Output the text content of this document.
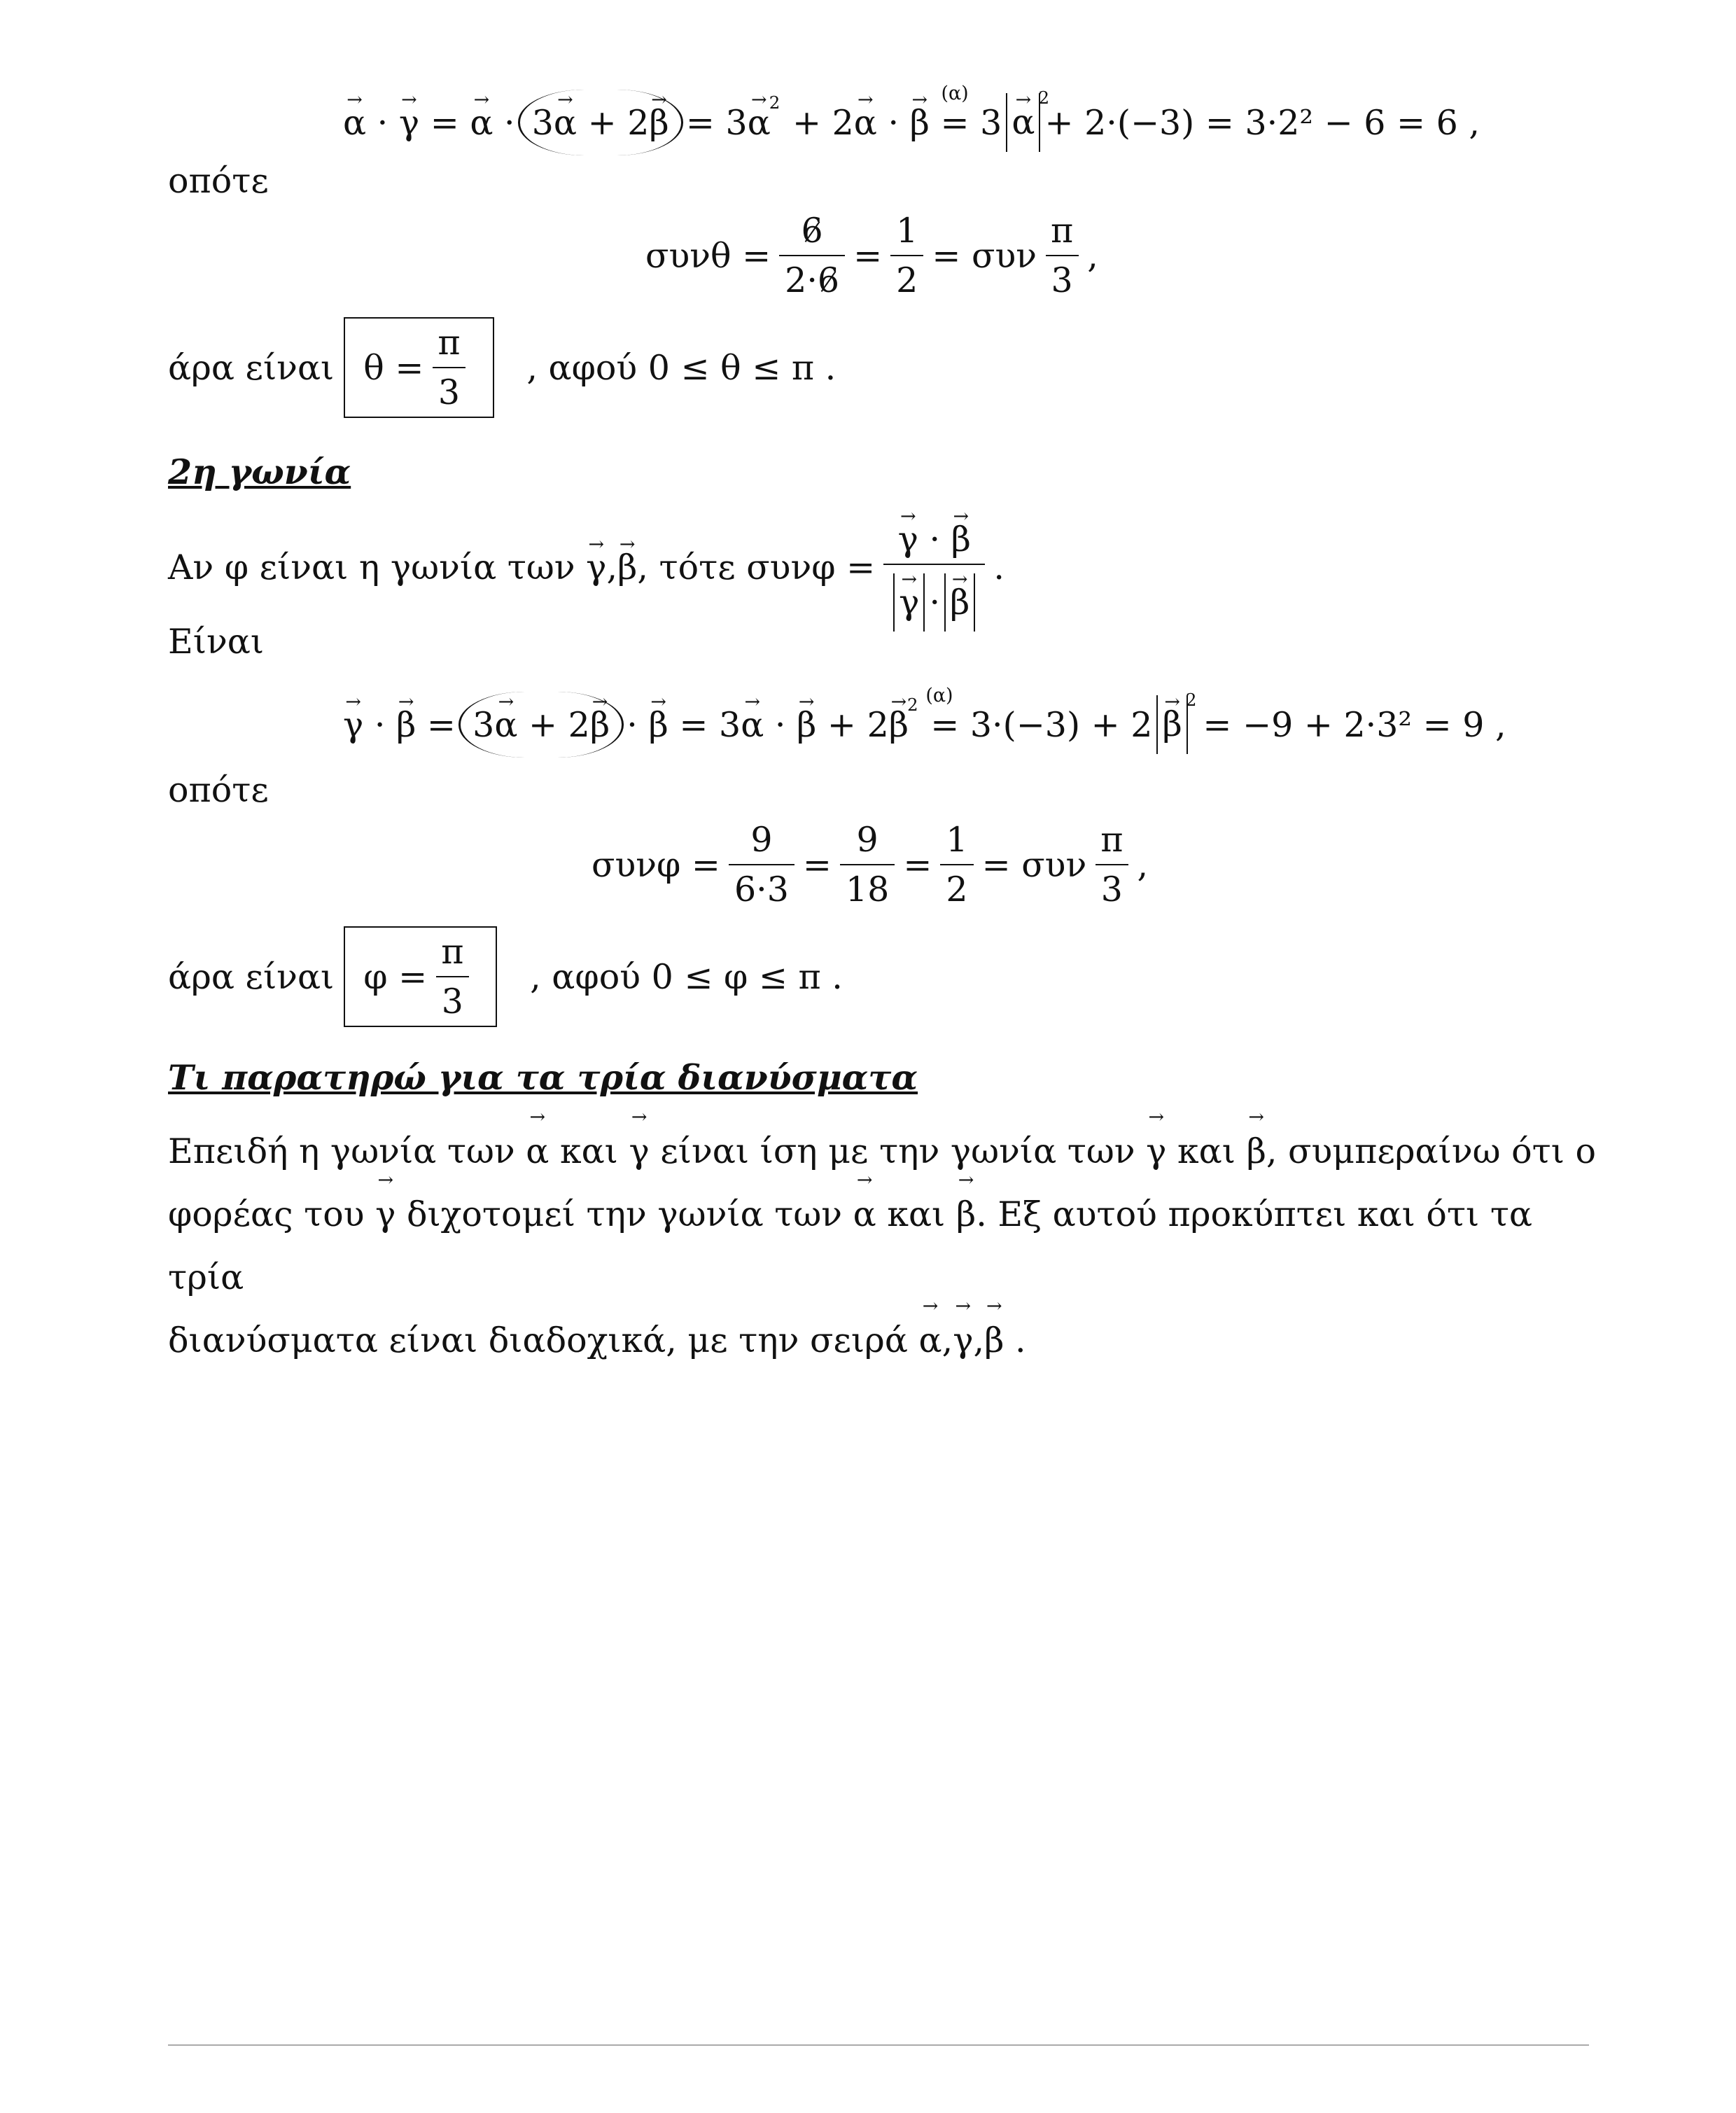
→ α · → γ = → α · 3 → α + 2 → β = 3 → α 2 + 2 → α · → β =
(α)
3 → α
2 + 2·(−3) = 3·2² − 6 = 6 ,
οπότε
$\sigma\upsilon\nu\theta = \frac{6}{2\cdot 6} = \frac{1}{2} = \sigma\upsilon\nu \frac{\pi}{3}$ ,
άρα είναι $\theta = \frac{\pi}{3}$
, αφού
0 ≤ θ ≤ π .
2η γωνία
Αν φ είναι η γωνία των
→ γ , → β , τότε συνφ = → γ · → β
→ γ · → β .
Είναι
→ γ · → β = 3 → α + 2 → β · → β = 3 → α · → β + 2 → β 2 =
(α)
3·(−3) + 2 → β
2
= −9 + 2·3² = 9 ,
οπότε
$\sigma\upsilon\nu\varphi = \frac{9}{6\cdot 3} = \frac{9}{18} = \frac{1}{2} = \sigma\upsilon\nu \frac{\pi}{3}$ ,
άρα είναι $\varphi = \frac{\pi}{3}$
, αφού
0 ≤ φ ≤ π .
Τι παρατηρώ για τα τρία διανύσματα
Επειδή η γωνία των → α και → γ είναι ίση με την γωνία των → γ και → β, συμπεραίνω ότι ο
φορέας του → γ διχοτομεί την γωνία των → α και → β. Εξ αυτού προκύπτει και ότι τα τρία
διανύσματα είναι διαδοχικά, με την σειρά → α,→ γ,→ β .
